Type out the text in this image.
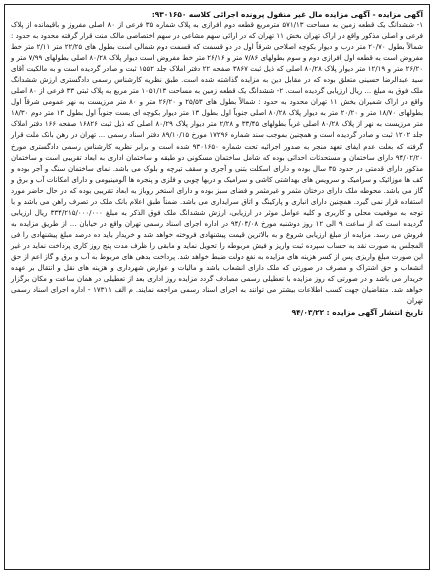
آگهی مزایده - آگهی مزایده مال غیر منقول پرونده اجرائی کلاسه ۹۳۰۱۶۵۰:

۱- ششدانگ یک قطعه زمین به مساحت ۵۷۱/۱۳ مترمربع قطعه دوم افرازی به پلاک شماره ۳۵ فرعی از ۸۰ اصلی مفروز و باقیمانده از پلاک فرعی و اصلی مذکور واقع در اراک تهران بخش ۱۱ تهران که در ارائی سهم مشاعی در سهم اختصاصی مالک منت قرار گرفته محدود به حدود : شمالاً بطول ۲۰/۷۰ متر درب و دیوار بکوچه اصلاحی شرقاً اول در دو قسمت که قسمت دوم شمالی است بطول های ۲۲/۲۵ متر ۲/۱۱ متر خط مفروض است به قطعه اول افرازی دوم و سوم بطولهای ۷/۸۶ متر و ۲۶/۱۶ متر خط مفروض است دیوار پلاک ۸۰/۲۸ اصلی بطولهای ۷/۹۹ متر و ۲۶/۲۰ متر و ۱۲/۱۹ متر دیوار پلاک ۸۰/۲۸ اصلی که ذیل ثبت ۳۸۶۷ صفحه ۲۲ دفتر املاک جلد ۱۵۵۲ ثبت و صادر گردیده است و به مالکیت آقای سید عبدالرضا حسینی متعلق بوده که در مقابل دین به مزایده گذاشته شده است. طبق نظریه کارشناس رسمی دادگستری ارزش ششدانگ ملک فوق به مبلغ ... ریال ارزیابی گردیده است. ۲- ششدانگ یک قطعه زمین به مساحت ۱۰۵۱/۱۳ متر مربع به پلاک ثبتی ۳۳ فرعی از ۸۰ اصلی واقع در اراک شمیران بخش ۱۱ تهران محدود به حدود : شمالاً بطول های ۲۵/۵۳ و ۲۶/۲۰ متر و ۸۰ متر مرزیست به نهر عمومی شرقاً اول بطولهای ۱۸/۷۰ متر و ۲۰/۲۰ متر به دیوار پلاک ۸۰/۲۸ اصلی جنوباً اول بطول ۱۳ متر دیوار بکوچه ای بست جنوباً اول بطول ۱۳ متر دوم ۱۸/۳۰ متر مرزیست به نهر از پلاک ۸۰/۲۸ اصلی غرباً بطولهای ۳۳/۴۵ و ۲/۲۸ متر دیوار پلاک ۸۰/۲۹ اصلی که ذیل ثبت ۱۶۸۲۶ صفحه ۱۶۶ دفتر املاک جلد ۱۲۰۲ ثبت و صادر گردیده است و همچنین بموجب سند شماره ۱۷۲۹۶ مورخ ۸۹/۱۰/۱۵ دفتر اسناد رسمی ... تهران در رهن بانک ملت قرار گرفته که بعلت عدم ایفای تعهد منجر به صدور اجرائیه تحت شماره ۹۳۰۱۶۵۰ شده است و برابر نظریه کارشناس رسمی دادگستری مورخ ۹۴/۰۲/۲۰ دارای ساختمان و مستحدثات احداثی بوده که شامل ساختمان مسکونی دو طبقه و ساختمان اداری به ابعاد تقریبی است و ساختمان مذکور دارای قدمتی در حدود ۳۵ سال بوده و دارای اسکلت بتنی و آجری و سقف تیرچه و بلوک می باشد. نمای ساختمان سنگ و آجر بوده و کف ها موزائیک و سرامیک و سرویس های بهداشتی کاشی و سرامیک و دربها چوبی و فلزی و پنجره ها آلومینیومی و دارای امکانات آب و برق و گاز می باشد. محوطه ملک دارای درختان مثمر و غیرمثمر و فضای سبز بوده و دارای استخر روباز به ابعاد تقریبی بوده که در حال حاضر مورد استفاده قرار نمی گیرد. همچنین دارای انباری و پارکینگ و اتاق سرایداری می باشد. ضمناً طبق اعلام بانک ملک در تصرف راهن می باشد و با توجه به موقعیت محلی و کاربری و کلیه عوامل موثر در ارزیابی، ارزش ششدانگ ملک فوق الذکر به مبلغ ۳۳۴/۲۱۵/۰۰۰/۰۰۰ ریال ارزیابی گردیده است که از ساعت ۹ الی ۱۲ روز دوشنبه مورخ ۹۴/۰۴/۰۸ در اداره اجرای اسناد رسمی تهران واقع در خیابان ... از طریق مزایده به فروش می رسد. مزایده از مبلغ ارزیابی شروع و به بالاترین قیمت پیشنهادی فروخته خواهد شد و خریدار باید ده درصد مبلغ پیشنهادی را فی المجلس به صورت نقد به حساب سپرده ثبت واریز و فیش مربوطه را تحویل نماید و مابقی را ظرف مدت پنج روز کاری پرداخت نماید در غیر این صورت مبلغ واریزی پس از کسر هزینه های مزایده به نفع دولت ضبط خواهد شد. پرداخت بدهی های مربوط به آب و برق و گاز اعم از حق انشعاب و حق اشتراک و مصرف در صورتی که ملک دارای انشعاب باشد و مالیات و عوارض شهرداری و هزینه های نقل و انتقال بر عهده خریدار می باشد و در صورتی که روز مزایده با تعطیلی رسمی مصادف گردد مزایده روز اداری بعد از تعطیلی در همان ساعت و مکان برگزار خواهد شد. متقاضیان جهت کسب اطلاعات بیشتر می توانند به اجرای اسناد رسمی مراجعه نمایند. م الف ۱۷۳۱۱ - اداره اجرای اسناد رسمی تهران

تاریخ انتشار آگهی مزایده : ۹۴/۰۳/۲۲
